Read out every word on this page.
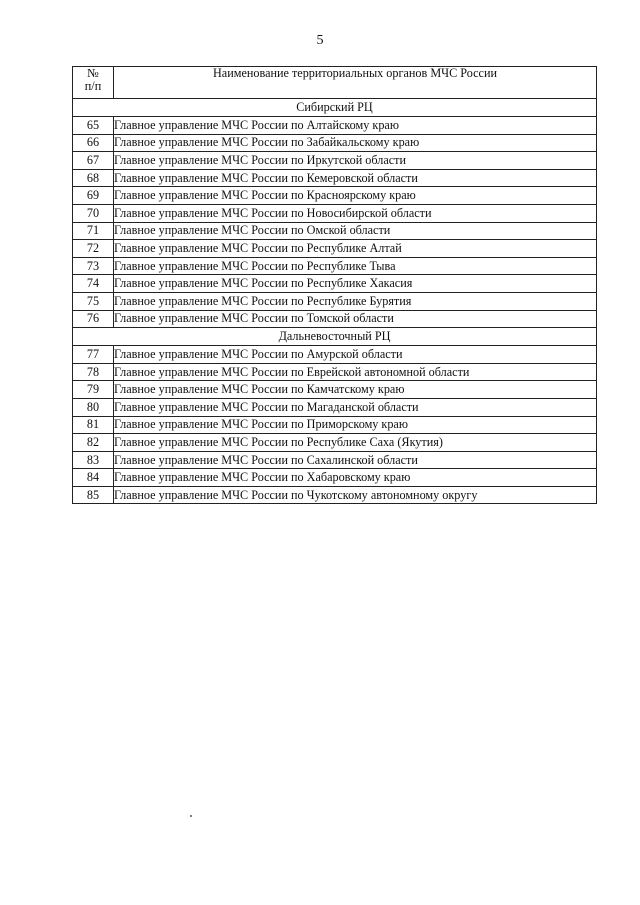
5
№
п/п	Наименование территориальных органов МЧС России
Сибирский РЦ	
65	Главное управление МЧС России по Алтайскому краю
66	Главное управление МЧС России по Забайкальскому краю
67	Главное управление МЧС России по Иркутской области
68	Главное управление МЧС России по Кемеровской области
69	Главное управление МЧС России по Красноярскому краю
70	Главное управление МЧС России по Новосибирской области
71	Главное управление МЧС России по Омской области
72	Главное управление МЧС России по Республике Алтай
73	Главное управление МЧС России по Республике Тыва
74	Главное управление МЧС России по Республике Хакасия
75	Главное управление МЧС России по Республике Бурятия
76	Главное управление МЧС России по Томской области
Дальневосточный РЦ	
77	Главное управление МЧС России по Амурской области
78	Главное управление МЧС России по Еврейской автономной области
79	Главное управление МЧС России по Камчатскому краю
80	Главное управление МЧС России по Магаданской области
81	Главное управление МЧС России по Приморскому краю
82	Главное управление МЧС России по Республике Саха (Якутия)
83	Главное управление МЧС России по Сахалинской области
84	Главное управление МЧС России по Хабаровскому краю
85	Главное управление МЧС России по Чукотскому автономному округу
